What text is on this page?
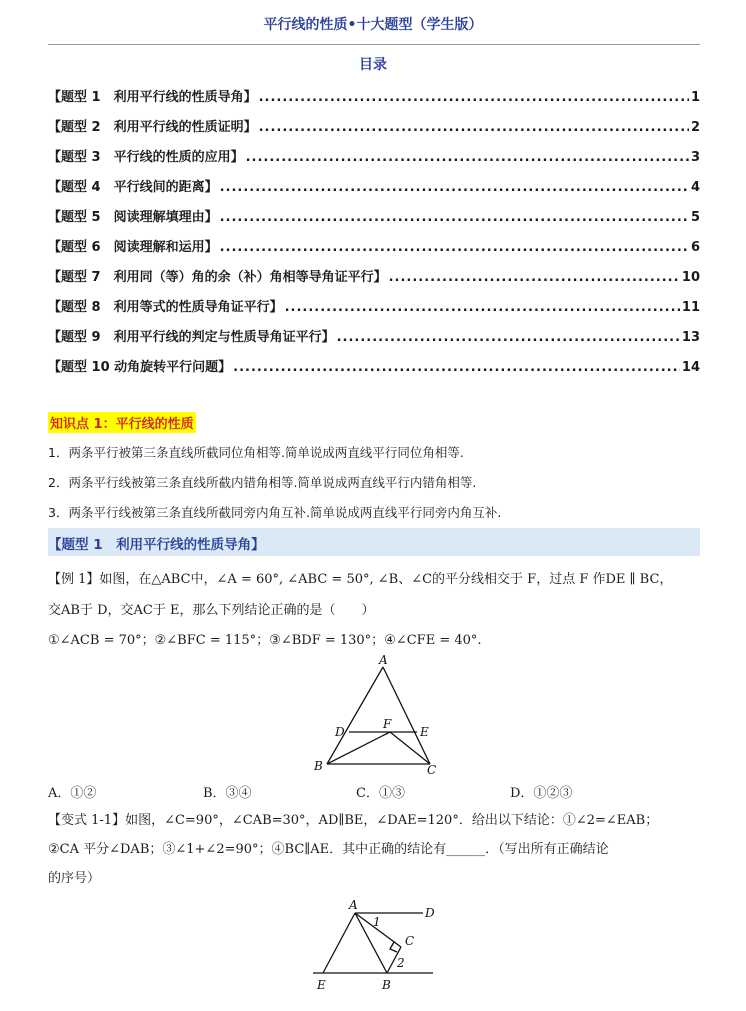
平行线的性质•十大题型（学生版）
目录
【题型 1　利用平行线的性质导角】 .....	1
【题型 2　利用平行线的性质证明】 .....	2
【题型 3　平行线的性质的应用】 .....	3
【题型 4　平行线间的距离】 .....	4
【题型 5　阅读理解填理由】 .....	5
【题型 6　阅读理解和运用】 .....	6
【题型 7　利用同（等）角的余（补）角相等导角证平行】 .....	10
【题型 8　利用等式的性质导角证平行】 .....	11
【题型 9　利用平行线的判定与性质导角证平行】 .....	13
【题型 10 动角旋转平行问题】 .....	14
知识点 1：平行线的性质
1．两条平行被第三条直线所截同位角相等.简单说成两直线平行同位角相等.
2．两条平行线被第三条直线所截内错角相等.简单说成两直线平行内错角相等.
3．两条平行线被第三条直线所截同旁内角互补.简单说成两直线平行同旁内角互补.
【题型 1　利用平行线的性质导角】
【例 1】如图，在△ABC中，∠A = 60°, ∠ABC = 50°, ∠B、∠C的平分线相交于 F，过点 F 作DE ∥ BC，
交AB于 D，交AC于 E，那么下列结论正确的是（　　）
①∠ACB = 70°；②∠BFC = 115°；③∠BDF = 130°；④∠CFE = 40°.
A
D
F
E
B	C
A．①②	B．③④	C．①③	D．①②③
【变式 1-1】如图，∠C=90°，∠CAB=30°，AD∥BE，∠DAE=120°．给出以下结论：①∠2=∠EAB；
②CA 平分∠DAB；③∠1+∠2=90°；④BC∥AE．其中正确的结论有______．（写出所有正确结论
的序号）
A
D
1
C
2
E	B
